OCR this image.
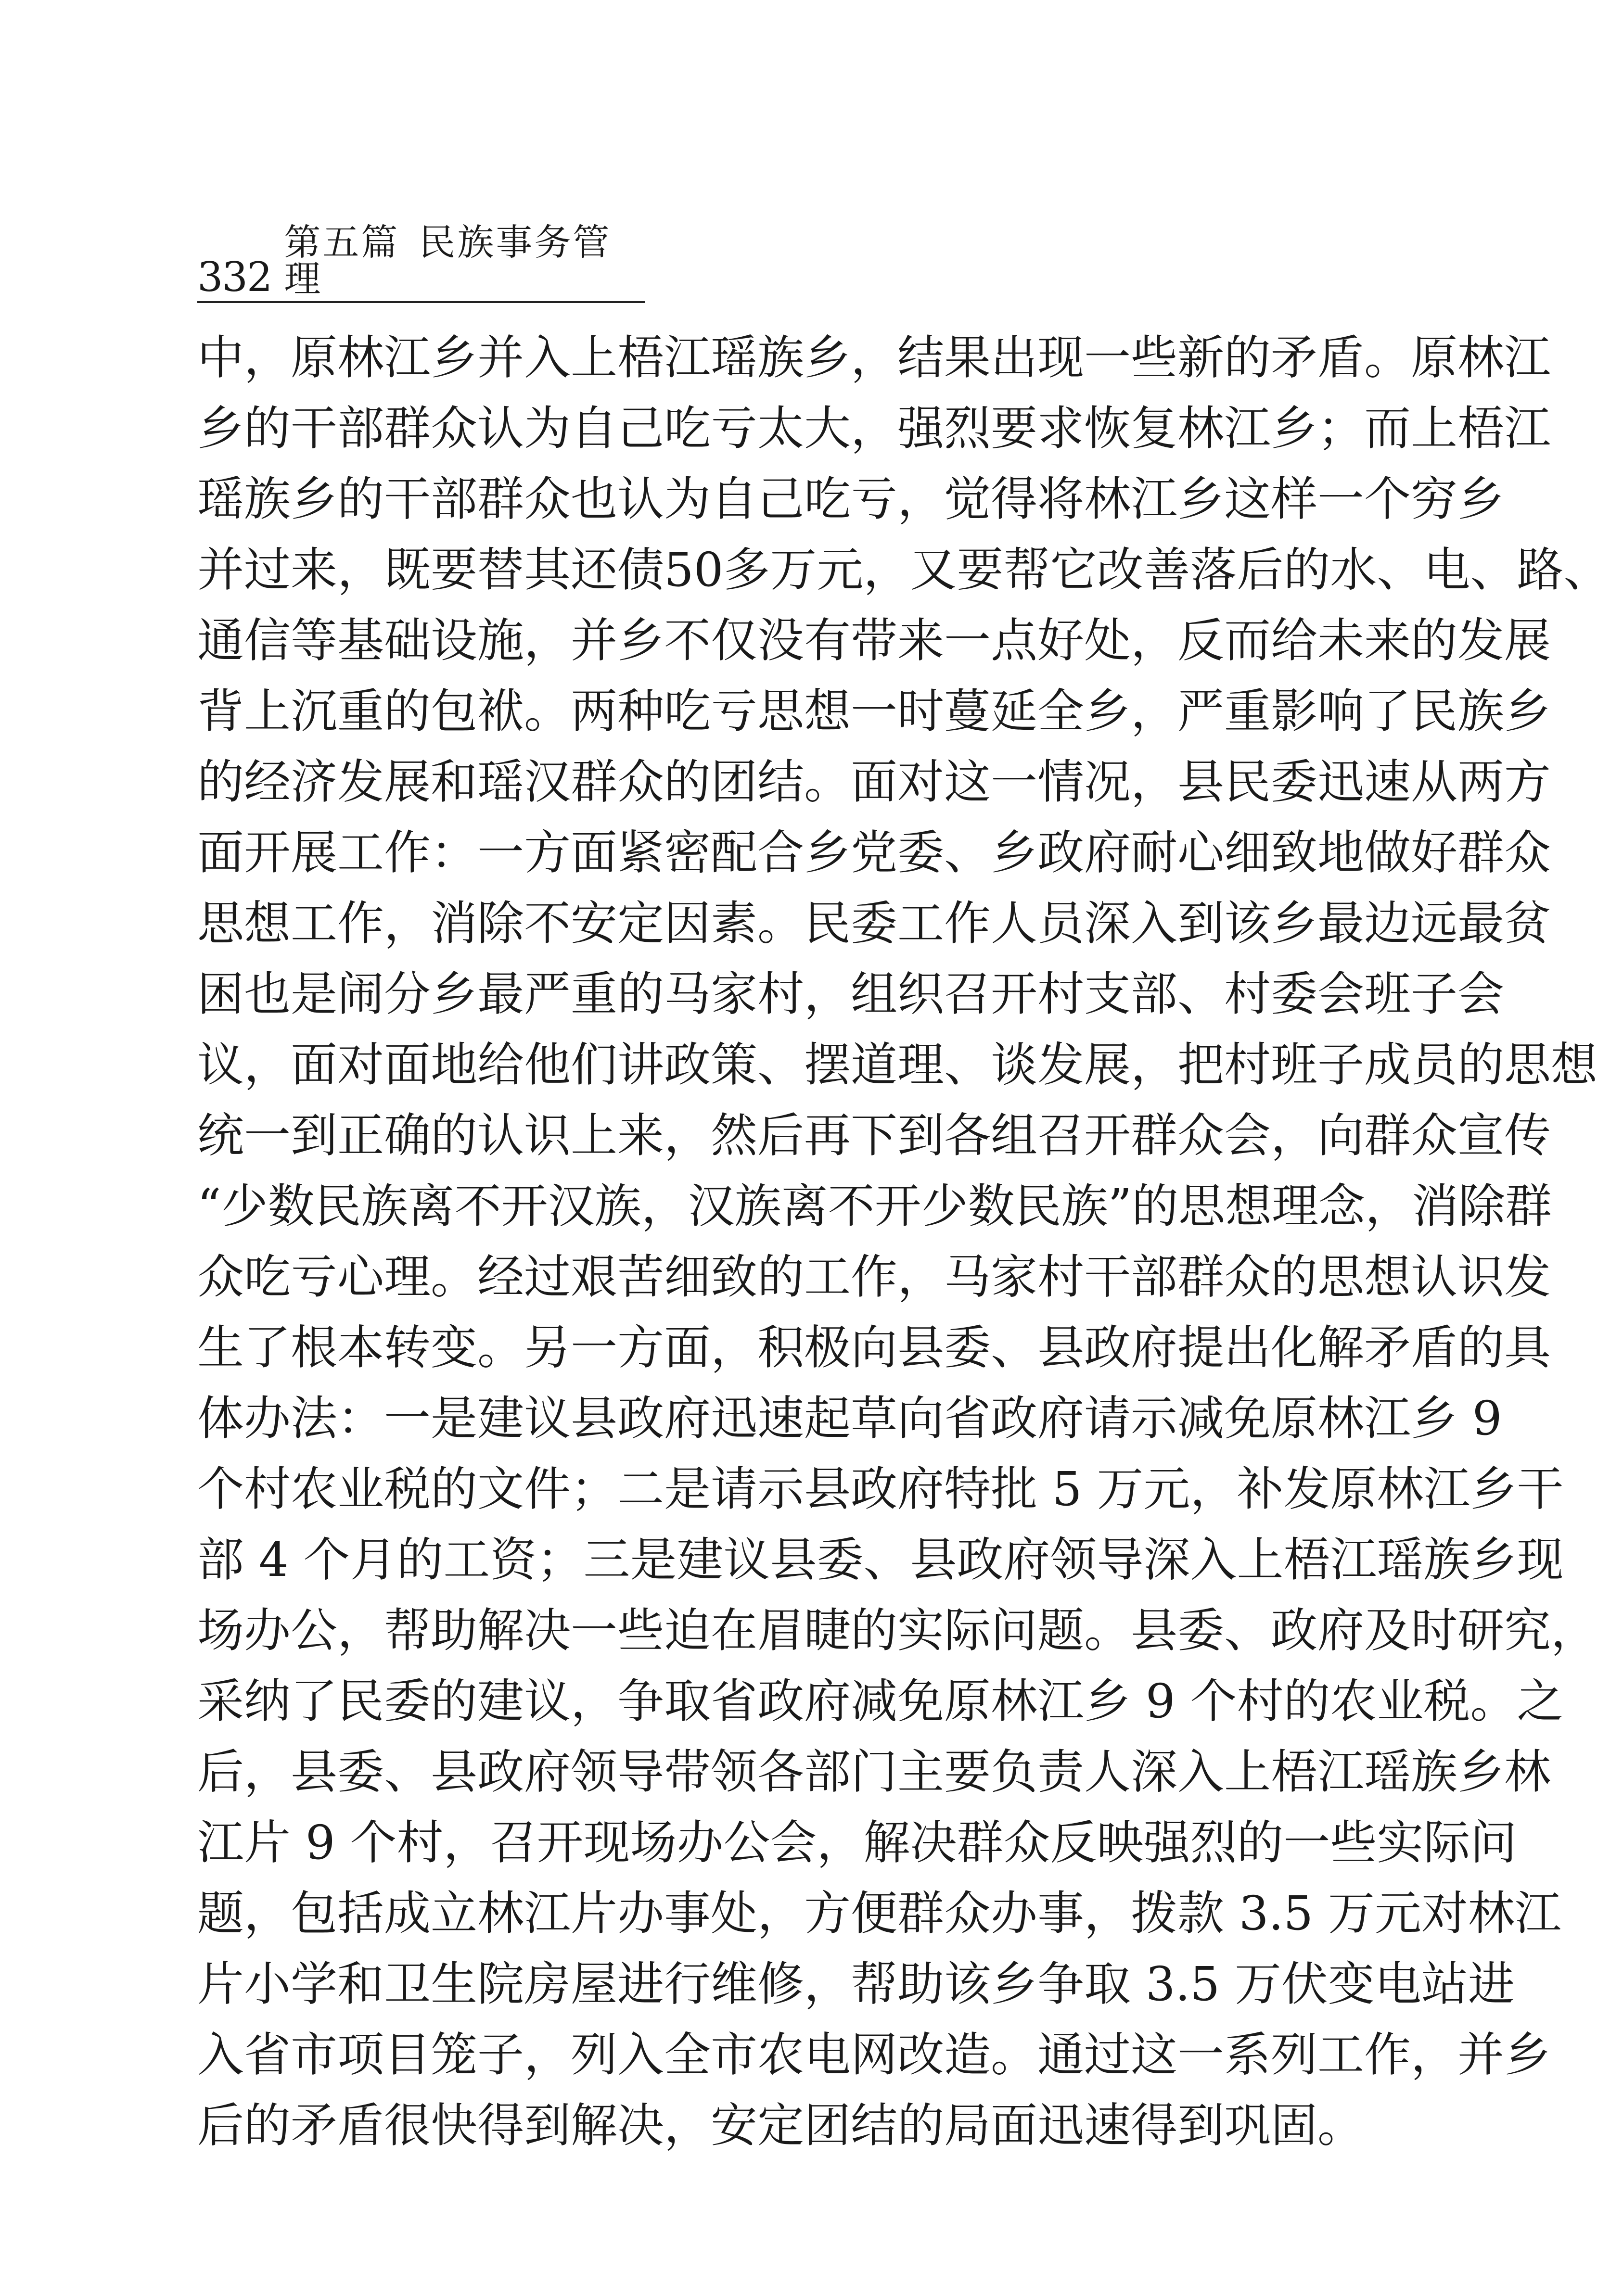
332
第五篇 民族事务管理
中，原林江乡并入上梧江瑶族乡，结果出现一些新的矛盾。原林江
乡的干部群众认为自己吃亏太大，强烈要求恢复林江乡；而上梧江
瑶族乡的干部群众也认为自己吃亏，觉得将林江乡这样一个穷乡
并过来，既要替其还债50多万元，又要帮它改善落后的水、电、路、
通信等基础设施，并乡不仅没有带来一点好处，反而给未来的发展
背上沉重的包袱。两种吃亏思想一时蔓延全乡，严重影响了民族乡
的经济发展和瑶汉群众的团结。面对这一情况，县民委迅速从两方
面开展工作：一方面紧密配合乡党委、乡政府耐心细致地做好群众
思想工作，消除不安定因素。民委工作人员深入到该乡最边远最贫
困也是闹分乡最严重的马家村，组织召开村支部、村委会班子会
议，面对面地给他们讲政策、摆道理、谈发展，把村班子成员的思想
统一到正确的认识上来，然后再下到各组召开群众会，向群众宣传
“少数民族离不开汉族，汉族离不开少数民族”的思想理念，消除群
众吃亏心理。经过艰苦细致的工作，马家村干部群众的思想认识发
生了根本转变。另一方面，积极向县委、县政府提出化解矛盾的具
体办法：一是建议县政府迅速起草向省政府请示减免原林江乡 9
个村农业税的文件；二是请示县政府特批 5 万元，补发原林江乡干
部 4 个月的工资；三是建议县委、县政府领导深入上梧江瑶族乡现
场办公，帮助解决一些迫在眉睫的实际问题。县委、政府及时研究，
采纳了民委的建议，争取省政府减免原林江乡 9 个村的农业税。之
后，县委、县政府领导带领各部门主要负责人深入上梧江瑶族乡林
江片 9 个村，召开现场办公会，解决群众反映强烈的一些实际问
题，包括成立林江片办事处，方便群众办事，拨款 3.5 万元对林江
片小学和卫生院房屋进行维修，帮助该乡争取 3.5 万伏变电站进
入省市项目笼子，列入全市农电网改造。通过这一系列工作，并乡
后的矛盾很快得到解决，安定团结的局面迅速得到巩固。
